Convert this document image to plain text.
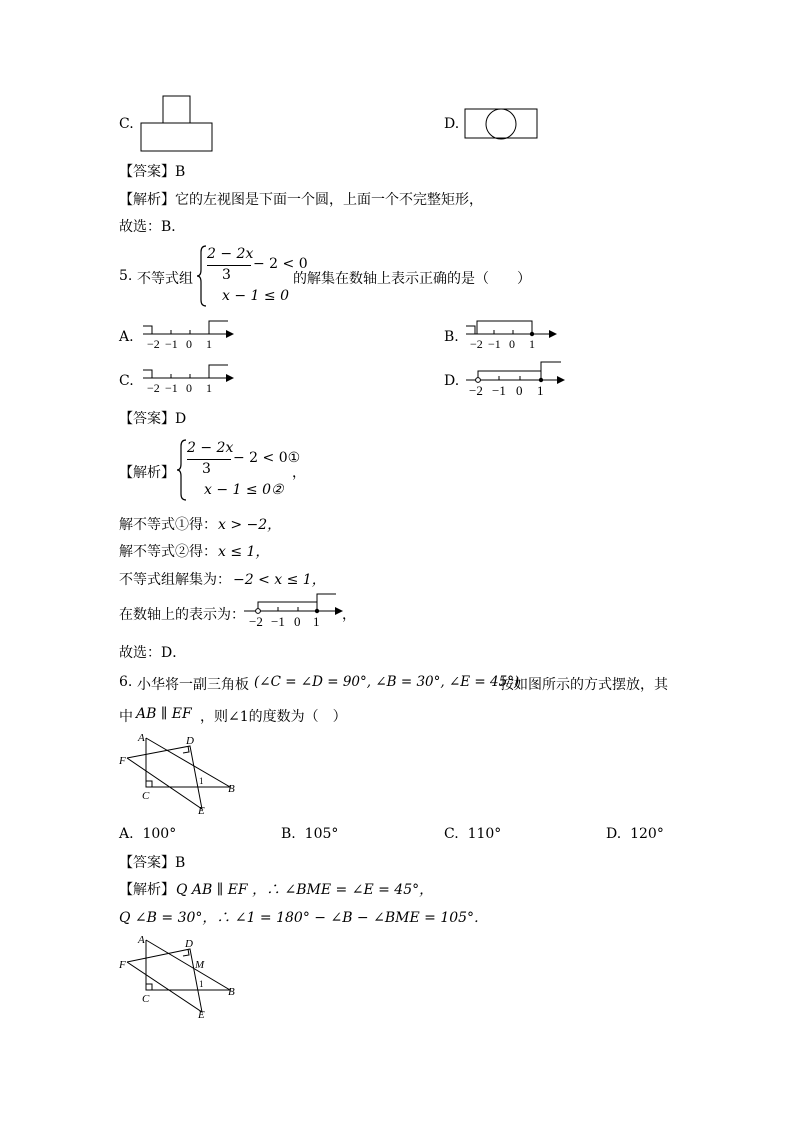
C.	D.
【答案】B
【解析】它的左视图是下面一个圆，上面一个不完整矩形，
故选：B．
5. 不等式组
2 − 2x
3
− 2 < 0
x − 1 ≤ 0
的解集在数轴上表示正确的是（　　）
A. −2 −1 0 1	B. −2 −1 0 1
C. −2 −1 0 1	D.
−2 −1 0 1
【答案】D
【解析】
2 − 2x
3
− 2 < 0①
x − 1 ≤ 0②
，
解不等式①得： x > −2，
解不等式②得： x ≤ 1，
不等式组解集为： −2 < x ≤ 1，
在数轴上的表示为： −2 −1 0 1 ，
故选：D．
6. 小华将一副三角板 (∠C = ∠D = 90°, ∠B = 30°, ∠E = 45°)
按如图所示的方式摆放，其
中 AB ∥ EF ，则∠1的度数为（　）
A	D
F
C
E
B
1
A. 100°	B. 105°	C. 110°	D. 120°
【答案】B
【解析】 Q AB ∥ EF ，∴ ∠BME = ∠E = 45°，
Q ∠B = 30°，∴ ∠1 = 180° − ∠B − ∠BME = 105°．
A	D
F	M
C
E
B
1
